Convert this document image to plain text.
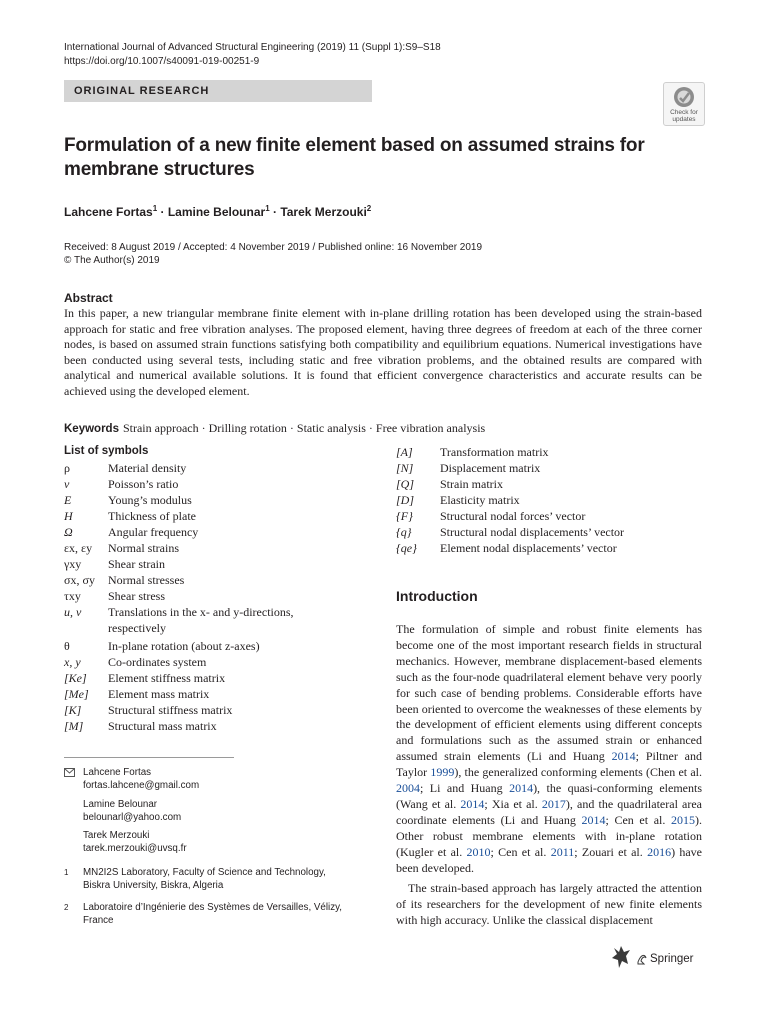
International Journal of Advanced Structural Engineering (2019) 11 (Suppl 1):S9–S18
https://doi.org/10.1007/s40091-019-00251-9
ORIGINAL RESEARCH
Check for
updates
Formulation of a new finite element based on assumed strains for membrane structures
Lahcene Fortas$^1$ · Lamine Belounar$^1$ · Tarek Merzouki$^2$
Received: 8 August 2019 / Accepted: 4 November 2019 / Published online: 16 November 2019
© The Author(s) 2019
Abstract
In this paper, a new triangular membrane finite element with in-plane drilling rotation has been developed using the strain-based approach for static and free vibration analyses. The proposed element, having three degrees of freedom at each of the three corner nodes, is based on assumed strain functions satisfying both compatibility and equilibrium equations. Numerical investigations have been conducted using several tests, including static and free vibration problems, and the obtained results are compared with analytical and numerical available solutions. It is found that efficient convergence characteristics and accurate results can be achieved using the developed element.
Keywords Strain approach · Drilling rotation · Static analysis · Free vibration analysis
List of symbols
ρ	Material density
ν	Poisson’s ratio
E	Young’s modulus
H	Thickness of plate
Ω	Angular frequency
εx, εy	Normal strains
γxy	Shear strain
σx, σy	Normal stresses
τxy	Shear stress
u, v	Translations in the x- and y-directions, respectively
θ	In-plane rotation (about z-axes)
x, y	Co-ordinates system
[Ke]	Element stiffness matrix
[Me]	Element mass matrix
[K]	Structural stiffness matrix
[M]	Structural mass matrix
[A]	Transformation matrix
[N]	Displacement matrix
[Q]	Strain matrix
[D]	Elasticity matrix
{F}	Structural nodal forces’ vector
{q}	Structural nodal displacements’ vector
{qe}	Element nodal displacements’ vector
Introduction
The formulation of simple and robust finite elements has become one of the most important research fields in structural mechanics. However, membrane displacement-based elements such as the four-node quadrilateral element behave very poorly for such case of bending problems. Considerable efforts have been oriented to overcome the weaknesses of these elements by the development of efficient elements using different concepts and formulations such as the assumed strain or enhanced assumed strain elements (Li and Huang 2014; Piltner and Taylor 1999), the generalized conforming elements (Chen et al. 2004; Li and Huang 2014), the quasi-conforming elements (Wang et al. 2014; Xia et al. 2017), and the quadrilateral area coordinate elements (Li and Huang 2014; Cen et al. 2015). Other robust membrane elements with in-plane rotation (Kugler et al. 2010; Cen et al. 2011; Zouari et al. 2016) have been developed.
The strain-based approach has largely attracted the attention of its researchers for the development of new finite elements with high accuracy. Unlike the classical displacement
Lahcene Fortas
fortas.lahcene@gmail.com
Lamine Belounar
belounarl@yahoo.com
Tarek Merzouki
tarek.merzouki@uvsq.fr
1 MN2I2S Laboratory, Faculty of Science and Technology,
Biskra University, Biskra, Algeria
2 Laboratoire d’Ingénierie des Systèmes de Versailles, Vélizy,
France
Springer
